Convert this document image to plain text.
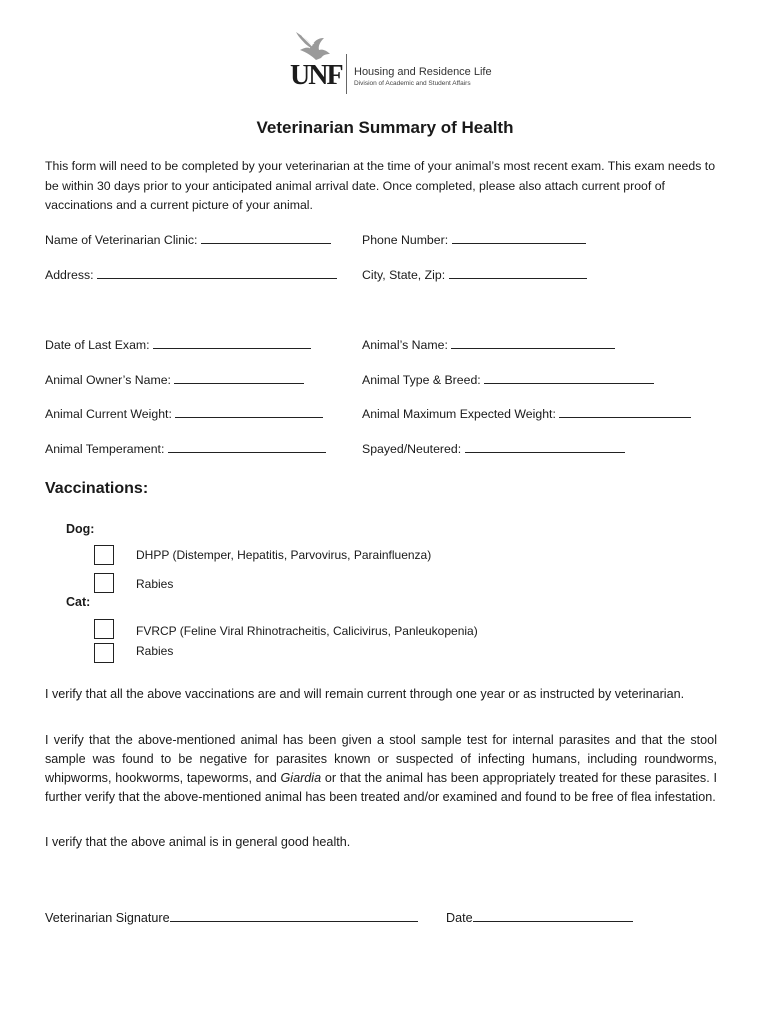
UNF Housing and Residence Life
Division of Academic and Student Affairs
Veterinarian Summary of Health
This form will need to be completed by your veterinarian at the time of your animal’s most recent exam. This exam needs to be within 30 days prior to your anticipated animal arrival date. Once completed, please also attach current proof of vaccinations and a current picture of your animal.
Name of Veterinarian Clinic:	Phone Number:
Address:	City, State, Zip:
Date of Last Exam:	Animal’s Name:
Animal Owner’s Name:	Animal Type & Breed:
Animal Current Weight:	Animal Maximum Expected Weight:
Animal Temperament:	Spayed/Neutered:
Vaccinations:
Dog:
DHPP (Distemper, Hepatitis, Parvovirus, Parainfluenza)
Rabies
Cat:
FVRCP (Feline Viral Rhinotracheitis, Calicivirus, Panleukopenia)
Rabies
I verify that all the above vaccinations are and will remain current through one year or as instructed by veterinarian.
I verify that the above-mentioned animal has been given a stool sample test for internal parasites and that the stool sample was found to be negative for parasites known or suspected of infecting humans, including roundworms, whipworms, hookworms, tapeworms, and Giardia or that the animal has been appropriately treated for these parasites. I further verify that the above-mentioned animal has been treated and/or examined and found to be free of flea infestation.
I verify that the above animal is in general good health.
Veterinarian Signature	Date
